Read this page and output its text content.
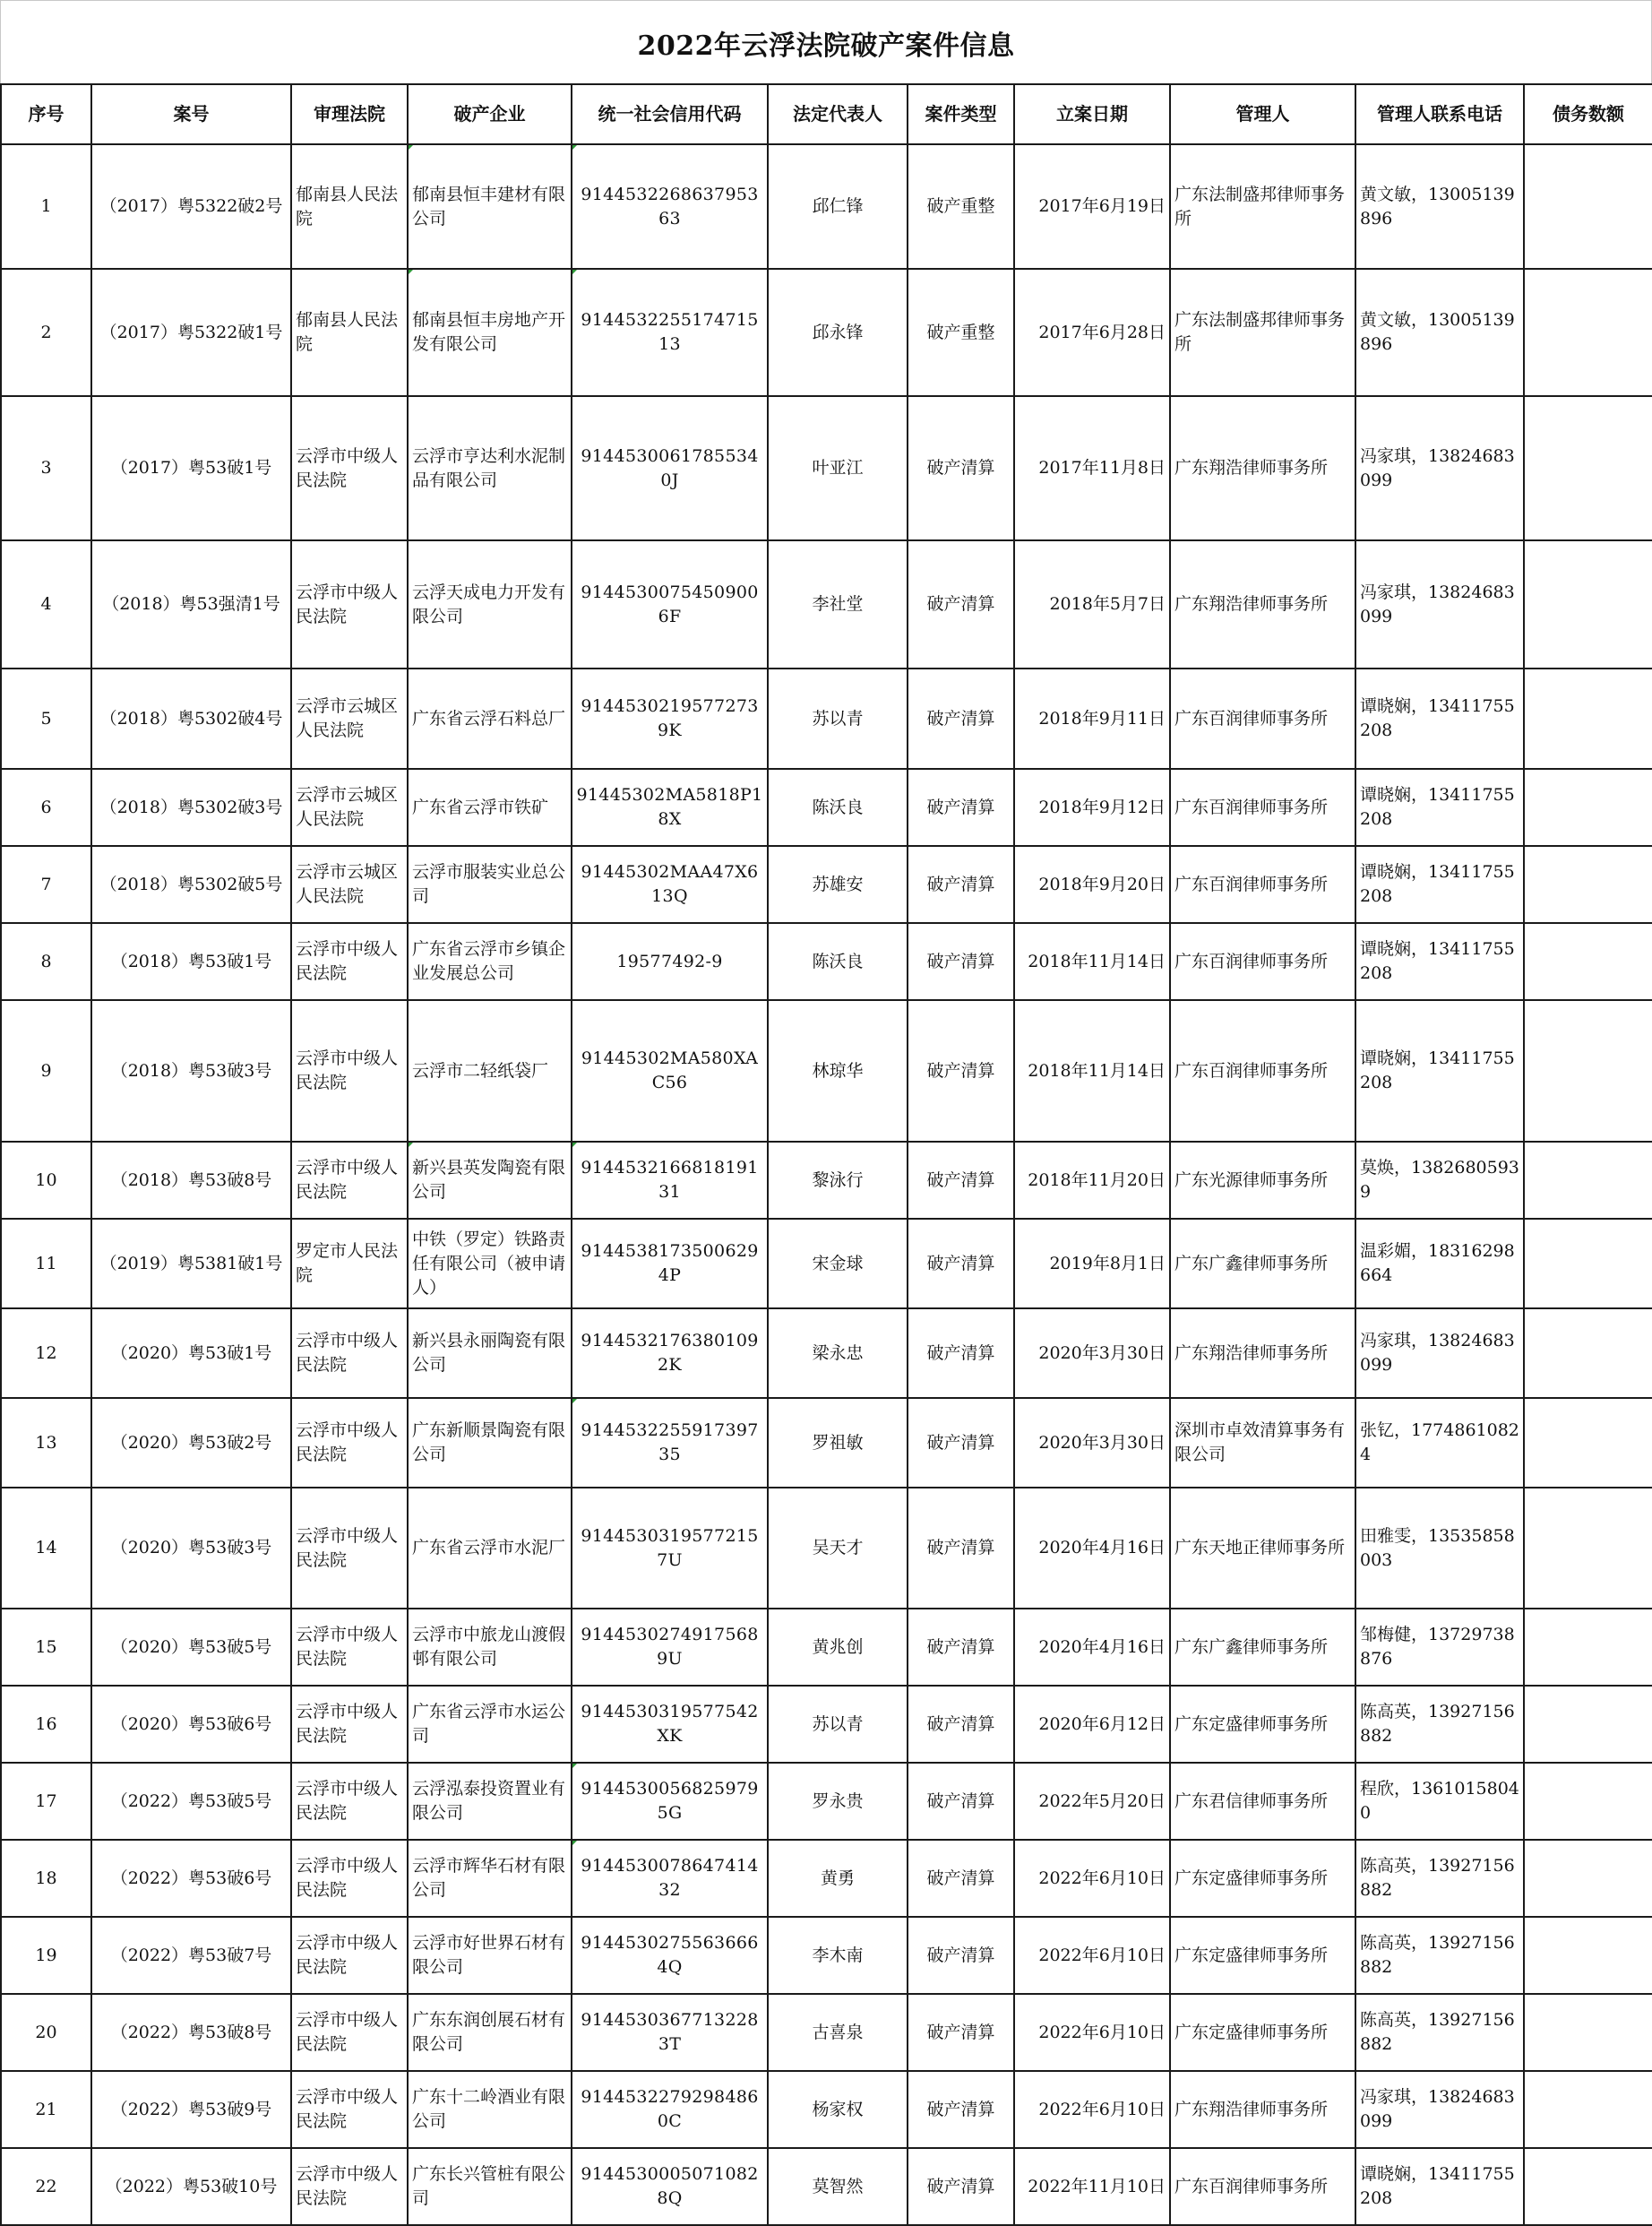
2022年云浮法院破产案件信息
序号	案号	审理法院	破产企业	统一社会信用代码	法定代表人	案件类型	立案日期	管理人	管理人联系电话	债务数额
1	（2017）粤5322破2号	郁南县人民法院	郁南县恒丰建材有限公司	914453226863795363	邱仁锋	破产重整	2017年6月19日	广东法制盛邦律师事务所	黄文敏，13005139896	
2	（2017）粤5322破1号	郁南县人民法院	郁南县恒丰房地产开发有限公司	914453225517471513	邱永锋	破产重整	2017年6月28日	广东法制盛邦律师事务所	黄文敏，13005139896	
3	（2017）粤53破1号	云浮市中级人民法院	云浮市亨达利水泥制品有限公司	91445300617855340J	叶亚江	破产清算	2017年11月8日	广东翔浩律师事务所	冯家琪，13824683099	
4	（2018）粤53强清1号	云浮市中级人民法院	云浮天成电力开发有限公司	91445300754509006F	李社堂	破产清算	2018年5月7日	广东翔浩律师事务所	冯家琪，13824683099	
5	（2018）粤5302破4号	云浮市云城区人民法院	广东省云浮石料总厂	91445302195772739K	苏以青	破产清算	2018年9月11日	广东百润律师事务所	谭晓娴，13411755208	
6	（2018）粤5302破3号	云浮市云城区人民法院	广东省云浮市铁矿	91445302MA5818P18X	陈沃良	破产清算	2018年9月12日	广东百润律师事务所	谭晓娴，13411755208	
7	（2018）粤5302破5号	云浮市云城区人民法院	云浮市服装实业总公司	91445302MAA47X613Q	苏雄安	破产清算	2018年9月20日	广东百润律师事务所	谭晓娴，13411755208	
8	（2018）粤53破1号	云浮市中级人民法院	广东省云浮市乡镇企业发展总公司	19577492-9	陈沃良	破产清算	2018年11月14日	广东百润律师事务所	谭晓娴，13411755208	
9	（2018）粤53破3号	云浮市中级人民法院	云浮市二轻纸袋厂	91445302MA580XAC56	林琼华	破产清算	2018年11月14日	广东百润律师事务所	谭晓娴，13411755208	
10	（2018）粤53破8号	云浮市中级人民法院	新兴县英发陶瓷有限公司	914453216681819131	黎泳行	破产清算	2018年11月20日	广东光源律师事务所	莫焕，13826805939	
11	（2019）粤5381破1号	罗定市人民法院	中铁（罗定）铁路责任有限公司（被申请人）	91445381735006294P	宋金球	破产清算	2019年8月1日	广东广鑫律师事务所	温彩媚，18316298664	
12	（2020）粤53破1号	云浮市中级人民法院	新兴县永丽陶瓷有限公司	91445321763801092K	梁永忠	破产清算	2020年3月30日	广东翔浩律师事务所	冯家琪，13824683099	
13	（2020）粤53破2号	云浮市中级人民法院	广东新顺景陶瓷有限公司	914453225591739735	罗祖敏	破产清算	2020年3月30日	深圳市卓效清算事务有限公司	张钇，17748610824	
14	（2020）粤53破3号	云浮市中级人民法院	广东省云浮市水泥厂	91445303195772157U	吴天才	破产清算	2020年4月16日	广东天地正律师事务所	田雅雯，13535858003	
15	（2020）粤53破5号	云浮市中级人民法院	云浮市中旅龙山渡假邨有限公司	91445302749175689U	黄兆创	破产清算	2020年4月16日	广东广鑫律师事务所	邹梅健，13729738876	
16	（2020）粤53破6号	云浮市中级人民法院	广东省云浮市水运公司	9144530319577542XK	苏以青	破产清算	2020年6月12日	广东定盛律师事务所	陈高英，13927156882	
17	（2022）粤53破5号	云浮市中级人民法院	云浮泓泰投资置业有限公司	91445300568259795G	罗永贵	破产清算	2022年5月20日	广东君信律师事务所	程欣，13610158040	
18	（2022）粤53破6号	云浮市中级人民法院	云浮市辉华石材有限公司	914453007864741432	黄勇	破产清算	2022年6月10日	广东定盛律师事务所	陈高英，13927156882	
19	（2022）粤53破7号	云浮市中级人民法院	云浮市好世界石材有限公司	91445302755636664Q	李木南	破产清算	2022年6月10日	广东定盛律师事务所	陈高英，13927156882	
20	（2022）粤53破8号	云浮市中级人民法院	广东东润创展石材有限公司	91445303677132283T	古喜泉	破产清算	2022年6月10日	广东定盛律师事务所	陈高英，13927156882	
21	（2022）粤53破9号	云浮市中级人民法院	广东十二岭酒业有限公司	91445322792984860C	杨家权	破产清算	2022年6月10日	广东翔浩律师事务所	冯家琪，13824683099	
22	（2022）粤53破10号	云浮市中级人民法院	广东长兴管桩有限公司	91445300050710828Q	莫智然	破产清算	2022年11月10日	广东百润律师事务所	谭晓娴，13411755208	
